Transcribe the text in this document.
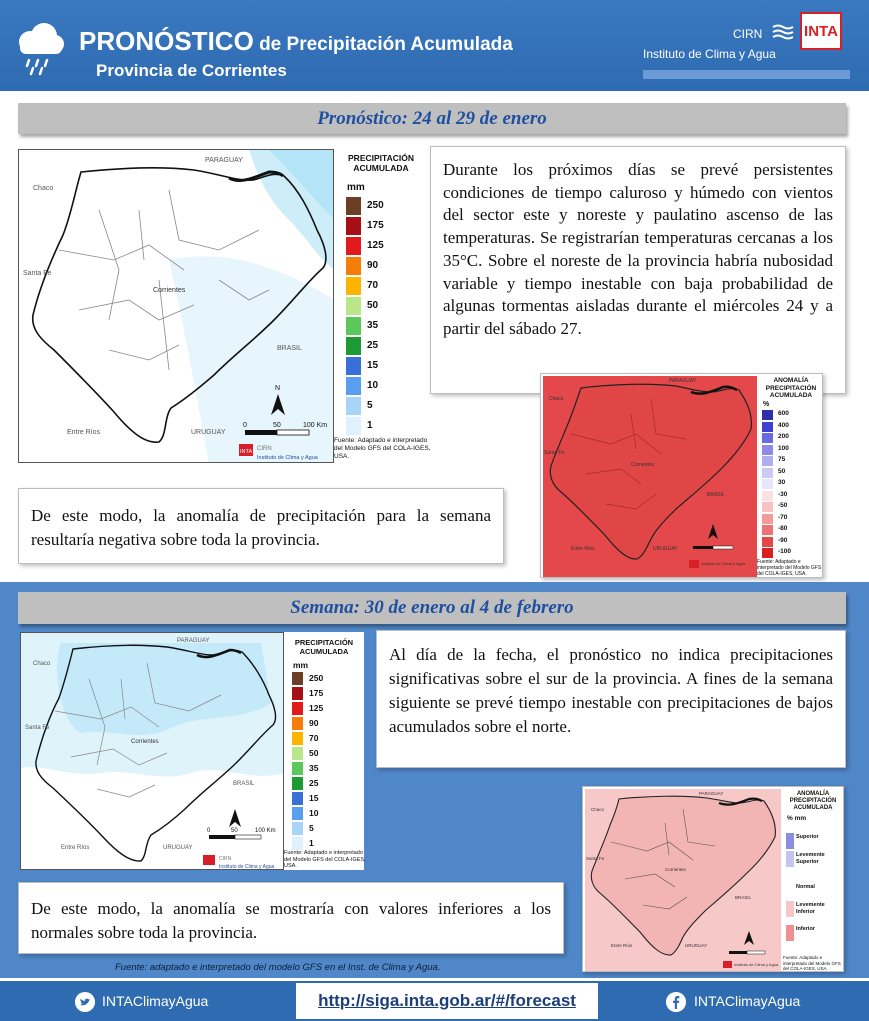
PRONÓSTICO de Precipitación Acumulada
Provincia de Corrientes
CIRN	INTA
Instituto de Clima y Agua
Pronóstico: 24 al 29 de enero
PARAGUAY
Chaco
Santa Fe
Corrientes
BRASIL
Entre Ríos	URUGUAY
N
0	50	100 Km
INTA CIRN
Instituto de Clima y Agua
PRECIPITACIÓN ACUMULADA
mm
Fuente: Adaptado e interpretado del Modelo GFS del COLA-IGES, USA.
250
175
125
90
70
50
35
25
15
10
5
1
Durante los próximos días se prevé persistentes condiciones de tiempo caluroso y húmedo con vientos del sector este y noreste y paulatino ascenso de las temperaturas. Se registrarían temperaturas cercanas a los 35°C. Sobre el noreste de la provincia habría nubosidad variable y tiempo inestable con baja probabilidad de algunas tormentas aisladas durante el miércoles 24 y a partir del sábado 27.
PARAGUAY
Chaco
Santa Fe
Corrientes
BRASIL
Entre Ríos	URUGUAY
Instituto de Clima y Agua
ANOMALÍA PRECIPITACIÓN ACUMULADA
%
Fuente: Adaptado e interpretado del Modelo GFS del COLA-IGES, USA.
600
400
200
100
75
50
30
-30
-50
-70
-80
-90
-100
De este modo, la anomalía de precipitación para la semana resultaría negativa sobre toda la provincia.
Semana: 30 de enero al 4 de febrero
PARAGUAY
Chaco
Santa Fe
Corrientes
BRASIL
Entre Ríos	URUGUAY
0	50	100 Km
CIRN
Instituto de Clima y Agua
PRECIPITACIÓN ACUMULADA
mm
Fuente: Adaptado e interpretado del Modelo GFS del COLA-IGES, USA.
250
175
125
90
70
50
35
25
15
10
5
1
Al día de la fecha, el pronóstico no indica precipitaciones significativas sobre el sur de la provincia. A fines de la semana siguiente se prevé tiempo inestable con precipitaciones de bajos acumulados sobre el norte.
PARAGUAY
Chaco
Santa Fe
Corrientes
BRASIL
Entre Ríos	URUGUAY
Instituto de Clima y Agua
ANOMALÍA PRECIPITACIÓN ACUMULADA
% mm
Fuente: Adaptado e interpretado del Modelo GFS del COLA-IGES, USA.
Superior
Levemente Superior
Normal
Levemente Inferior
Inferior
De este modo, la anomalía se mostraría con valores inferiores a los normales sobre toda la provincia.
Fuente: adaptado e interpretado del modelo GFS en el Inst. de Clima y Agua.
INTAClimayAgua	http://siga.inta.gob.ar/#/forecast	INTAClimayAgua
